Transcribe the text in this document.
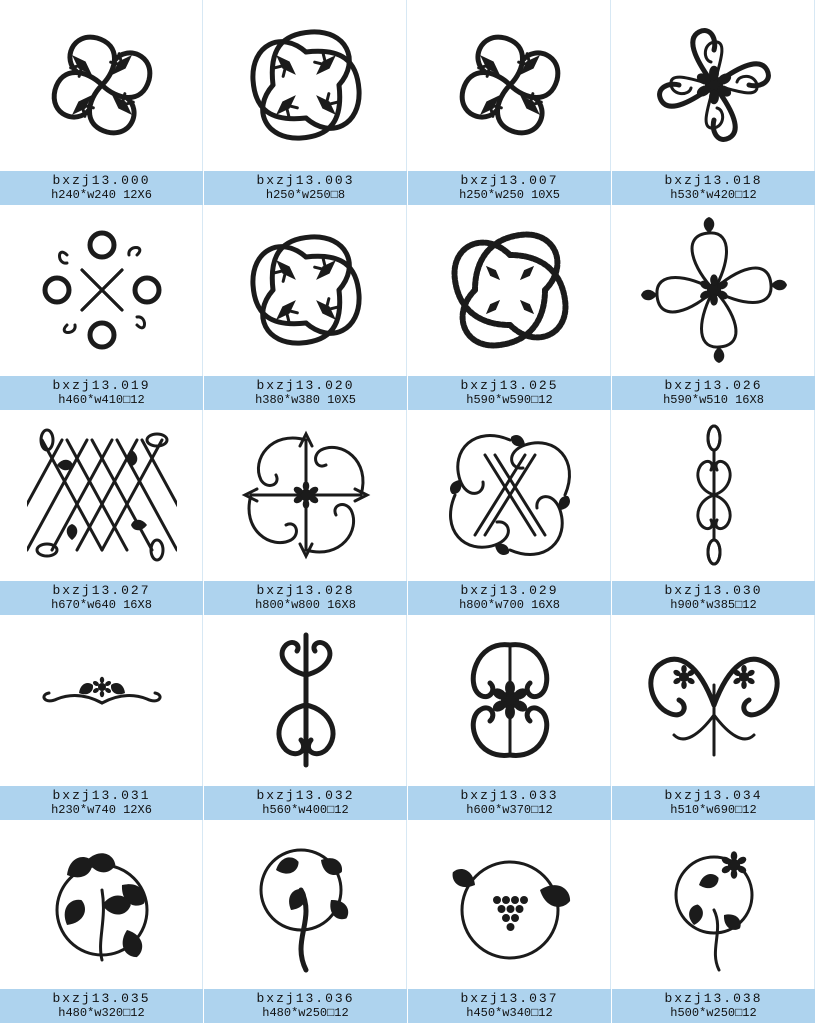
bxzj13.000
h240*w240 12X6
bxzj13.003
h250*w250□8
bxzj13.007
h250*w250 10X5
bxzj13.018
h530*w420□12
bxzj13.019
h460*w410□12
bxzj13.020
h380*w380 10X5
bxzj13.025
h590*w590□12
bxzj13.026
h590*w510 16X8
bxzj13.027
h670*w640 16X8
bxzj13.028
h800*w800 16X8
bxzj13.029
h800*w700 16X8
bxzj13.030
h900*w385□12
bxzj13.031
h230*w740 12X6
bxzj13.032
h560*w400□12
bxzj13.033
h600*w370□12
bxzj13.034
h510*w690□12
bxzj13.035
h480*w320□12
bxzj13.036
h480*w250□12
bxzj13.037
h450*w340□12
bxzj13.038
h500*w250□12
